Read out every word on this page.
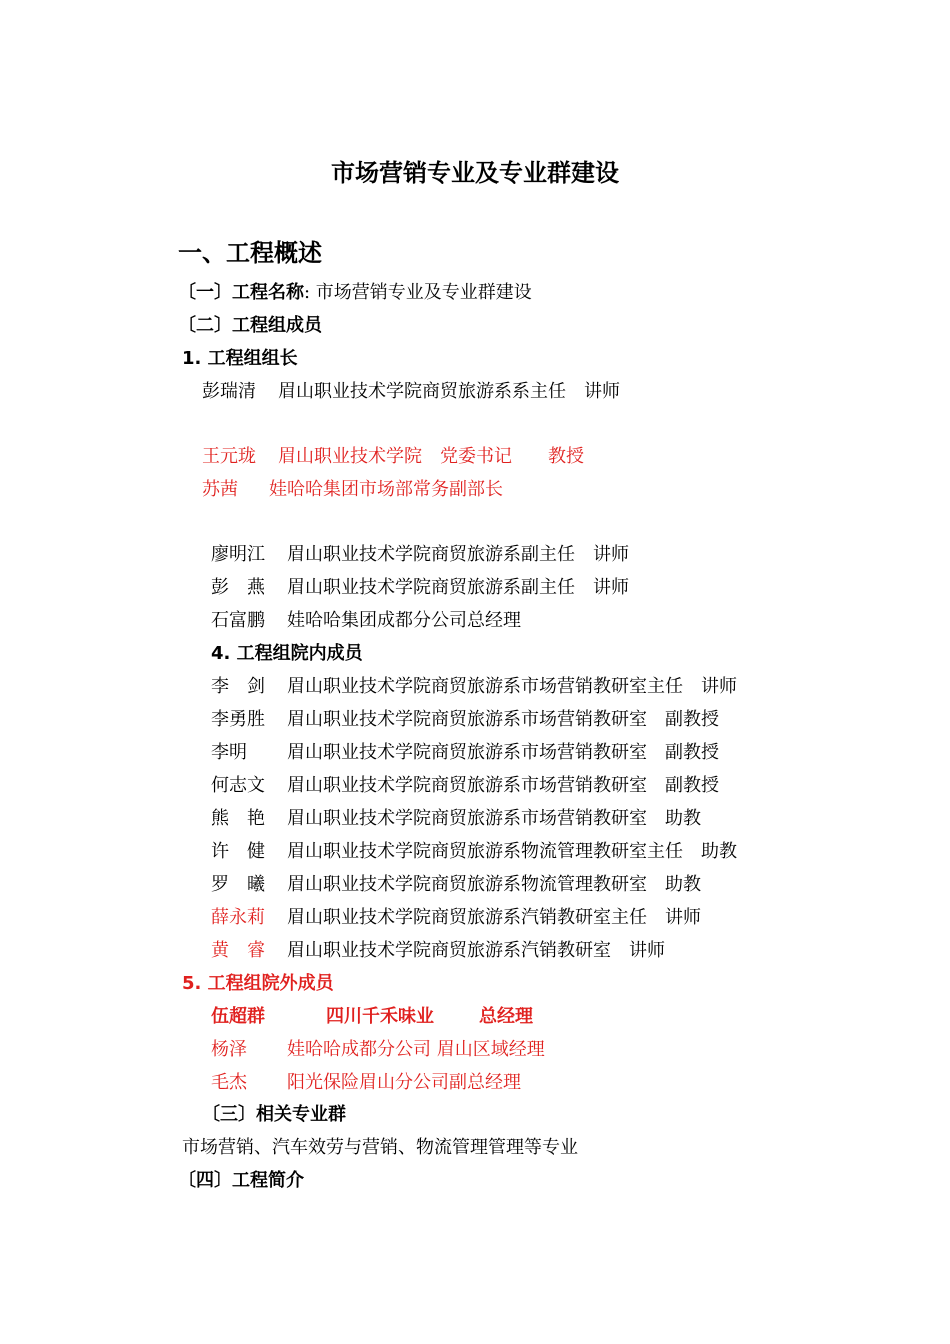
市场营销专业及专业群建设
一、工程概述
〔一〕工程名称: 市场营销专业及专业群建设
〔二〕工程组成员
1. 工程组组长
彭瑞清 眉山职业技术学院商贸旅游系系主任　讲师
王元珑 眉山职业技术学院　党委书记　　教授
苏茜 娃哈哈集团市场部常务副部长
廖明江 眉山职业技术学院商贸旅游系副主任　讲师
彭　燕 眉山职业技术学院商贸旅游系副主任　讲师
石富鹏 娃哈哈集团成都分公司总经理
4. 工程组院内成员
李　剑 眉山职业技术学院商贸旅游系市场营销教研室主任　讲师
李勇胜 眉山职业技术学院商贸旅游系市场营销教研室　副教授
李明 眉山职业技术学院商贸旅游系市场营销教研室　副教授
何志文 眉山职业技术学院商贸旅游系市场营销教研室　副教授
熊　艳 眉山职业技术学院商贸旅游系市场营销教研室　助教
许　健 眉山职业技术学院商贸旅游系物流管理教研室主任　助教
罗　曦 眉山职业技术学院商贸旅游系物流管理教研室　助教
薛永莉 眉山职业技术学院商贸旅游系汽销教研室主任　讲师
黄　睿 眉山职业技术学院商贸旅游系汽销教研室　讲师
5. 工程组院外成员
伍超群	四川千禾味业	总经理
杨泽 娃哈哈成都分公司 眉山区域经理
毛杰 阳光保险眉山分公司副总经理
〔三〕相关专业群
市场营销、汽车效劳与营销、物流管理管理等专业
〔四〕工程简介
